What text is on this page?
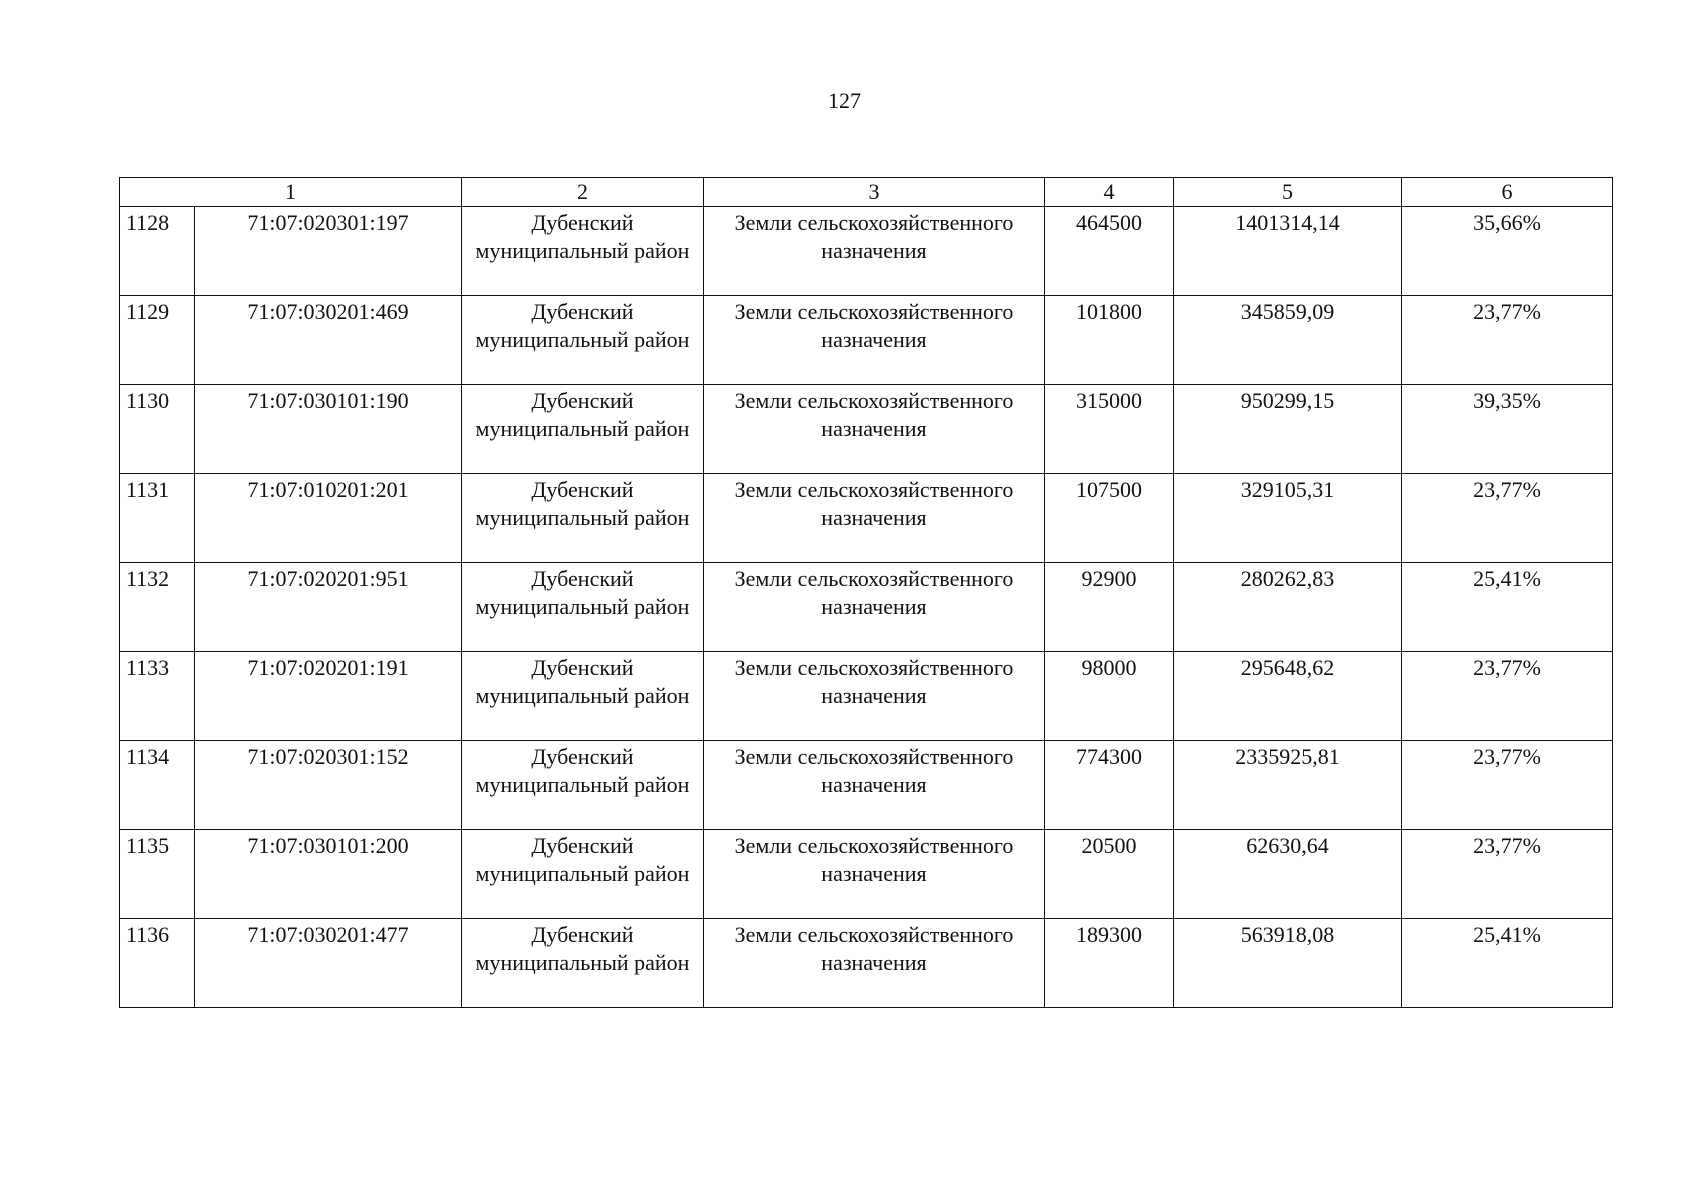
127
1		2	3	4	5	6
1128	71:07:020301:197	Дубенский муниципальный район	Земли сельскохозяйственного назначения	464500	1401314,14	35,66%
1129	71:07:030201:469	Дубенский муниципальный район	Земли сельскохозяйственного назначения	101800	345859,09	23,77%
1130	71:07:030101:190	Дубенский муниципальный район	Земли сельскохозяйственного назначения	315000	950299,15	39,35%
1131	71:07:010201:201	Дубенский муниципальный район	Земли сельскохозяйственного назначения	107500	329105,31	23,77%
1132	71:07:020201:951	Дубенский муниципальный район	Земли сельскохозяйственного назначения	92900	280262,83	25,41%
1133	71:07:020201:191	Дубенский муниципальный район	Земли сельскохозяйственного назначения	98000	295648,62	23,77%
1134	71:07:020301:152	Дубенский муниципальный район	Земли сельскохозяйственного назначения	774300	2335925,81	23,77%
1135	71:07:030101:200	Дубенский муниципальный район	Земли сельскохозяйственного назначения	20500	62630,64	23,77%
1136	71:07:030201:477	Дубенский муниципальный район	Земли сельскохозяйственного назначения	189300	563918,08	25,41%
